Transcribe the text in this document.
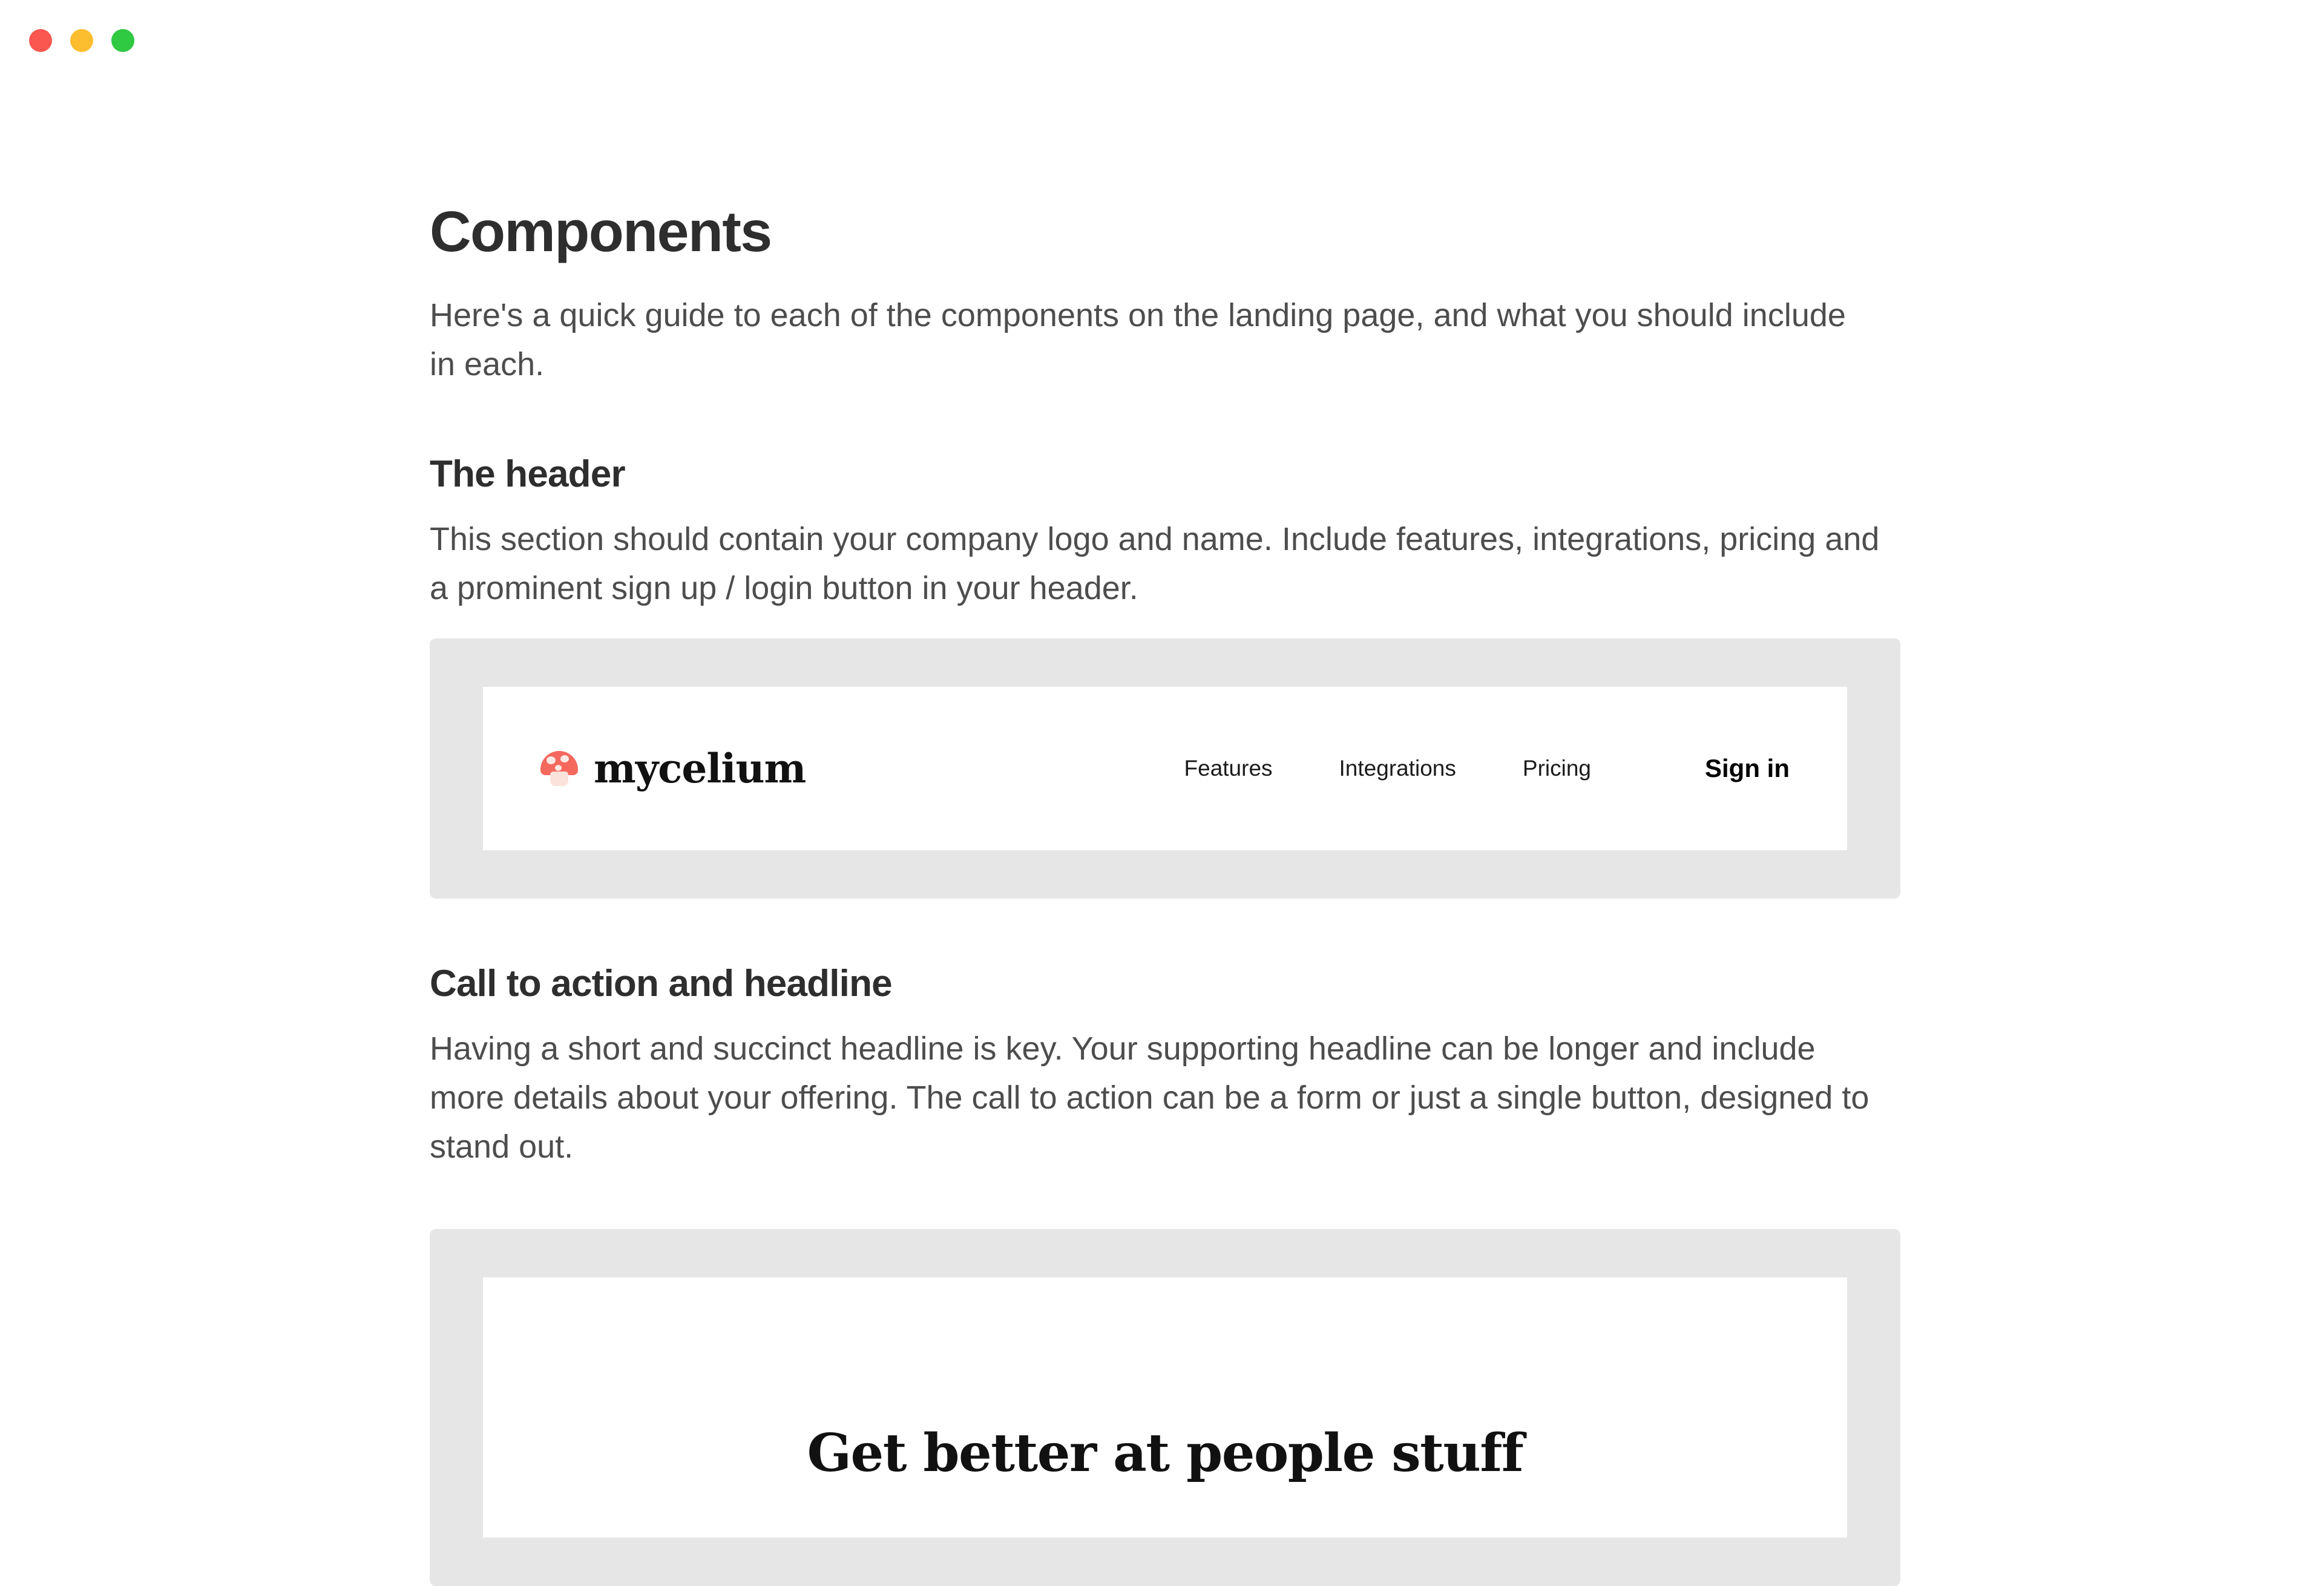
Components

Here's a quick guide to each of the components on the landing page, and what you should include in each.

The header

This section should contain your company logo and name. Include features, integrations, pricing and a prominent sign up / login button in your header.

mycelium	Features	Integrations	Pricing	Sign in
Call to action and headline

Having a short and succinct headline is key. Your supporting headline can be longer and include more details about your offering. The call to action can be a form or just a single button, designed to stand out.

Get better at people stuff
